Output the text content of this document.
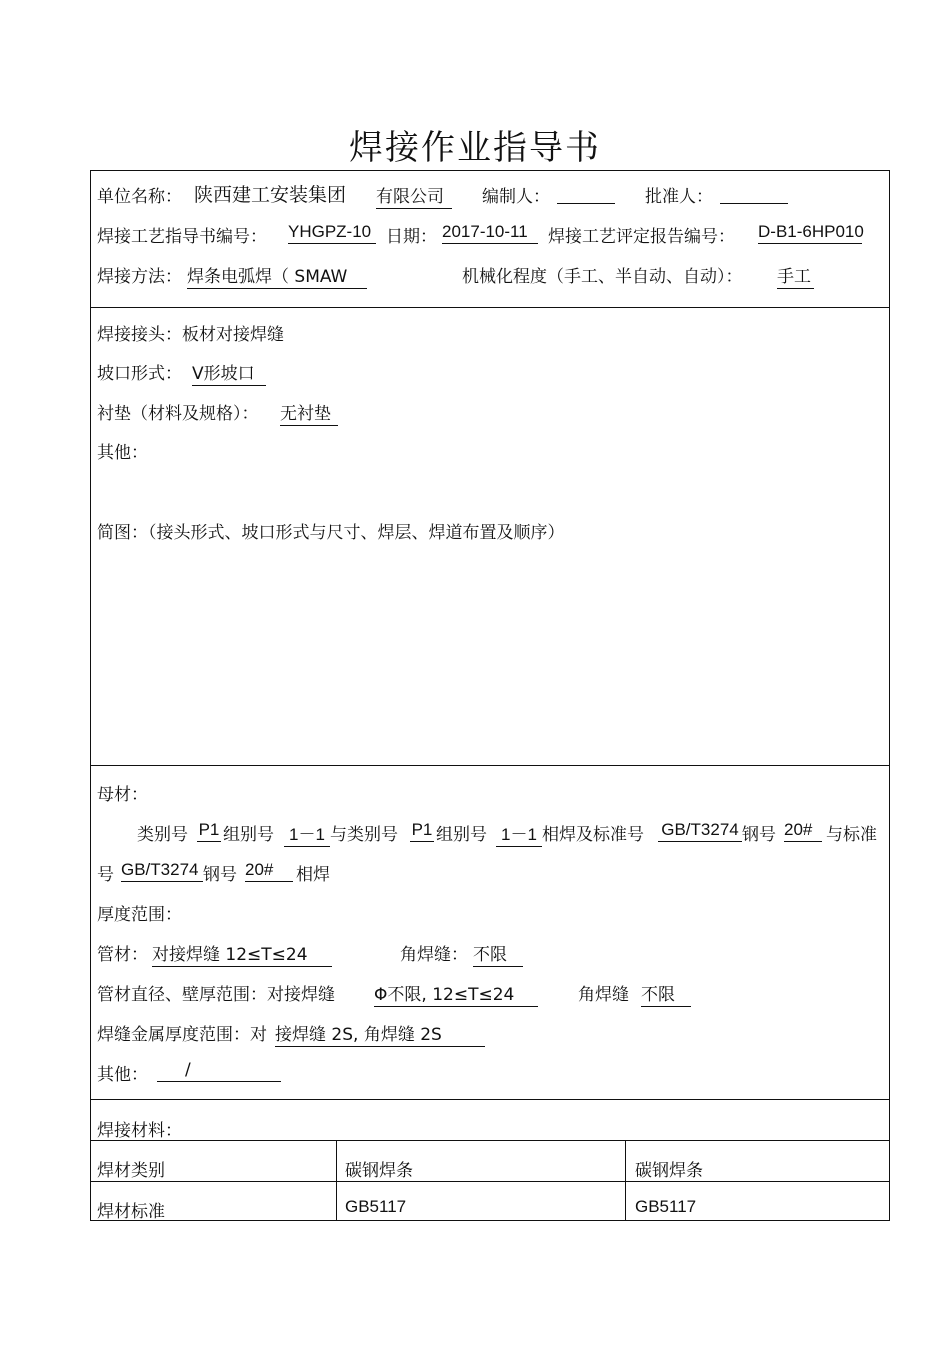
焊接作业指导书
单位名称： 陕西建工安装集团 有限公司	编制人：	批准人：
焊接工艺指导书编号： YHGPZ-10 日期： 2017-10-11	焊接工艺评定报告编号： D-B1-6HP010
焊接方法： 焊条电弧焊（ SMAW	机械化程度（手工、半自动、自动）： 手工
焊接接头：板材对接焊缝
坡口形式： V形坡口
衬垫（材料及规格）： 无衬垫
其他：
简图：（接头形式、坡口形式与尺寸、焊层、焊道布置及顺序）
母材：
类别号 P1 组别号 1－1 与类别号 P1 组别号 1－1 相焊及标准号 GB/T3274 钢号 20# 与标准
号 GB/T3274 钢号 20#	相焊
厚度范围：
管材： 对接焊缝 12≤T≤24	角焊缝： 不限
管材直径、壁厚范围：对接焊缝 Φ不限, 12≤T≤24	角焊缝 不限
焊缝金属厚度范围：对 接焊缝 2S, 角焊缝 2S
其他：	/
焊接材料：
焊材类别	碳钢焊条	碳钢焊条
焊材标准	GB5117	GB5117
